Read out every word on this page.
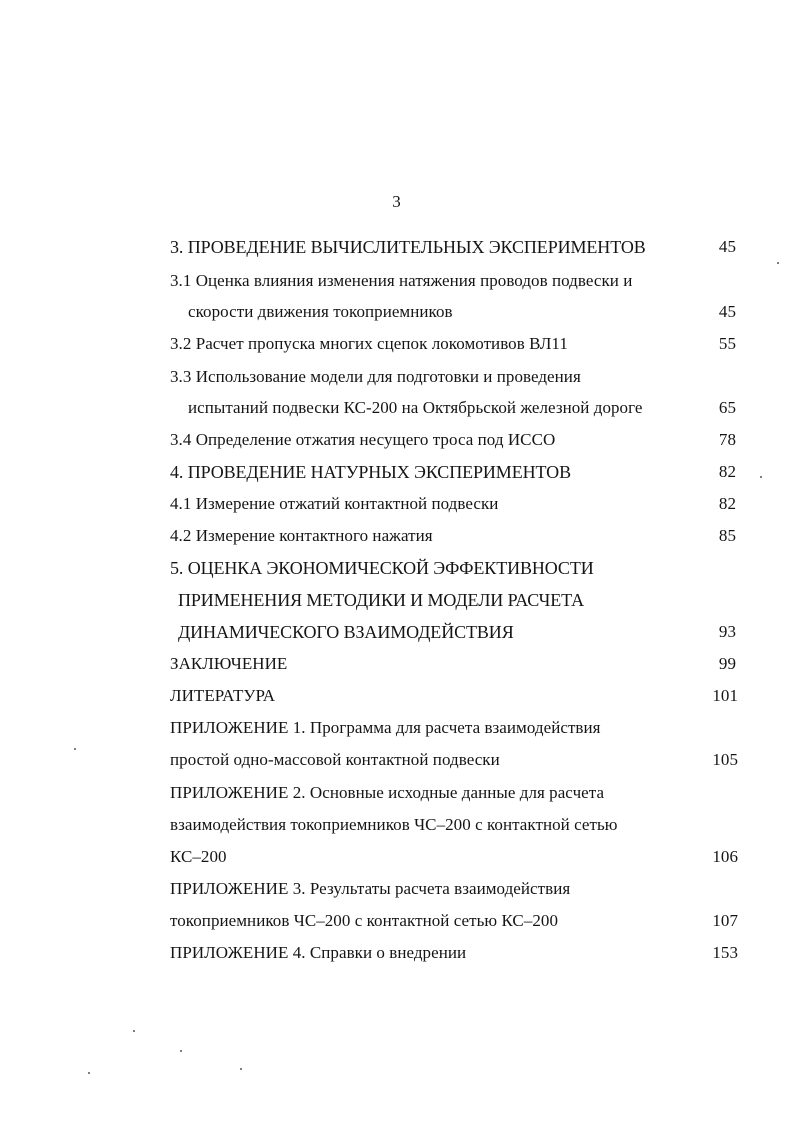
3
3. ПРОВЕДЕНИЕ ВЫЧИСЛИТЕЛЬНЫХ ЭКСПЕРИМЕНТОВ	45
3.1 Оценка влияния изменения натяжения проводов подвески и
скорости движения токоприемников	45
3.2 Расчет пропуска многих сцепок локомотивов ВЛ11	55
3.3 Использование модели для подготовки и проведения
испытаний подвески КС-200 на Октябрьской железной дороге	65
3.4 Определение отжатия несущего троса под ИССО	78
4. ПРОВЕДЕНИЕ НАТУРНЫХ ЭКСПЕРИМЕНТОВ	82
4.1 Измерение отжатий контактной подвески	82
4.2 Измерение контактного нажатия	85
5. ОЦЕНКА ЭКОНОМИЧЕСКОЙ ЭФФЕКТИВНОСТИ
ПРИМЕНЕНИЯ МЕТОДИКИ И МОДЕЛИ РАСЧЕТА
ДИНАМИЧЕСКОГО ВЗАИМОДЕЙСТВИЯ	93
ЗАКЛЮЧЕНИЕ	99
ЛИТЕРАТУРА	101
ПРИЛОЖЕНИЕ 1. Программа для расчета взаимодействия
простой одно-массовой контактной подвески	105
ПРИЛОЖЕНИЕ 2. Основные исходные данные для расчета
взаимодействия токоприемников ЧС–200 с контактной сетью
КС–200	106
ПРИЛОЖЕНИЕ 3. Результаты расчета взаимодействия
токоприемников ЧС–200 с контактной сетью КС–200	107
ПРИЛОЖЕНИЕ 4. Справки о внедрении	153
